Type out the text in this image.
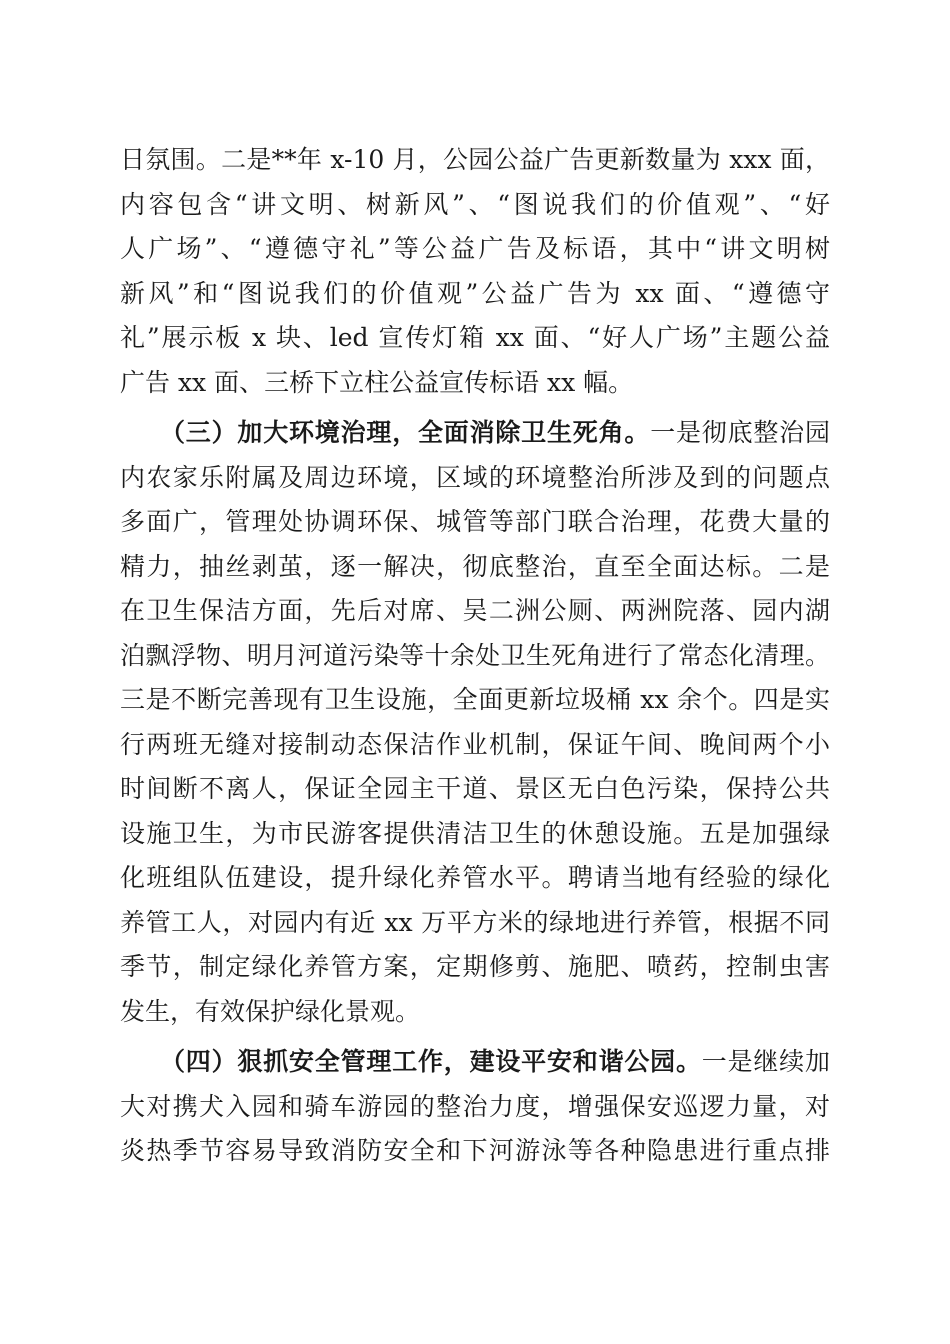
日氛围。二是**年 x-10 月，公园公益广告更新数量为 xxx 面，
内容包含“讲文明、树新风”、“图说我们的价值观”、“好
人广场”、“遵德守礼”等公益广告及标语，其中“讲文明树
新风”和“图说我们的价值观”公益广告为 xx 面、“遵德守
礼”展示板 x 块、led 宣传灯箱 xx 面、“好人广场”主题公益
广告 xx 面、三桥下立柱公益宣传标语 xx 幅。
（三）加大环境治理，全面消除卫生死角。一是彻底整治园
内农家乐附属及周边环境，区域的环境整治所涉及到的问题点
多面广，管理处协调环保、城管等部门联合治理，花费大量的
精力，抽丝剥茧，逐一解决，彻底整治，直至全面达标。二是
在卫生保洁方面，先后对席、吴二洲公厕、两洲院落、园内湖
泊飘浮物、明月河道污染等十余处卫生死角进行了常态化清理。
三是不断完善现有卫生设施，全面更新垃圾桶 xx 余个。四是实
行两班无缝对接制动态保洁作业机制，保证午间、晚间两个小
时间断不离人，保证全园主干道、景区无白色污染，保持公共
设施卫生，为市民游客提供清洁卫生的休憩设施。五是加强绿
化班组队伍建设，提升绿化养管水平。聘请当地有经验的绿化
养管工人，对园内有近 xx 万平方米的绿地进行养管，根据不同
季节，制定绿化养管方案，定期修剪、施肥、喷药，控制虫害
发生，有效保护绿化景观。
（四）狠抓安全管理工作，建设平安和谐公园。一是继续加
大对携犬入园和骑车游园的整治力度，增强保安巡逻力量，对
炎热季节容易导致消防安全和下河游泳等各种隐患进行重点排
